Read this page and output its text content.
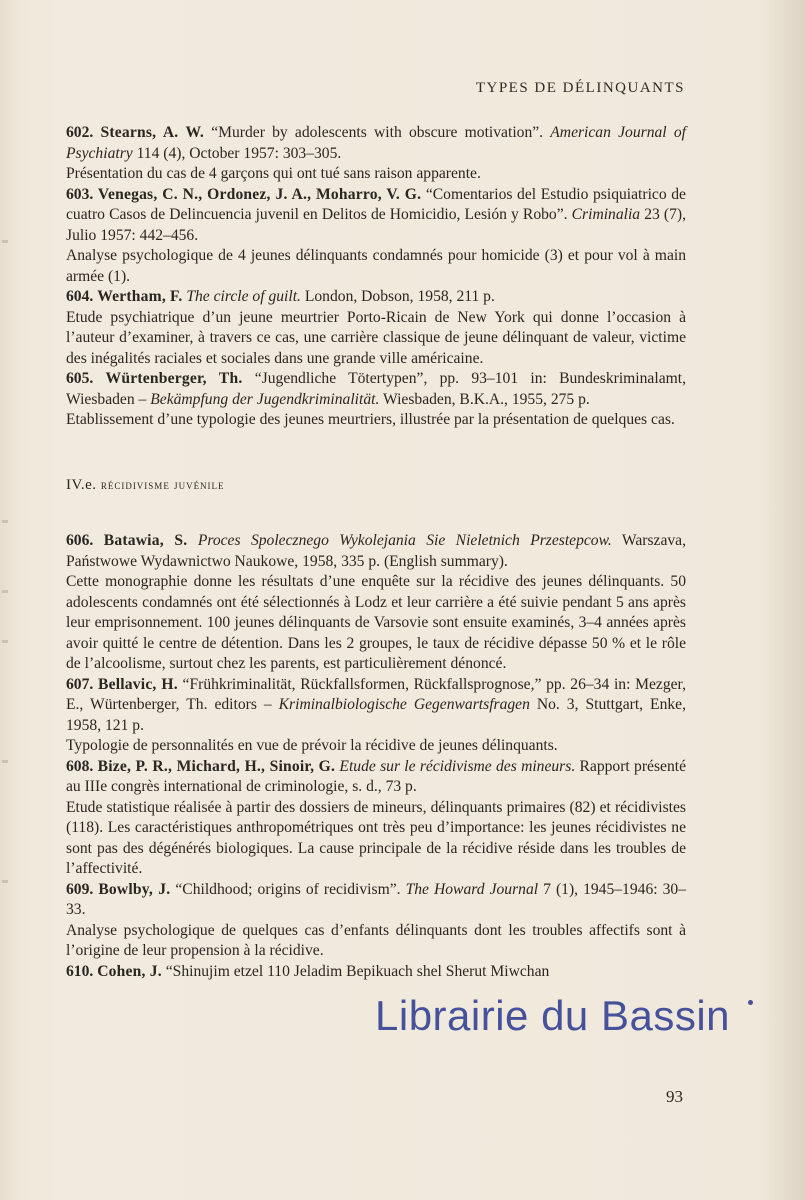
TYPES DE DÉLINQUANTS

602. Stearns, A. W. “Murder by adolescents with obscure motivation”. American Journal of Psychiatry 114 (4), October 1957: 303–305.

Présentation du cas de 4 garçons qui ont tué sans raison apparente.

603. Venegas, C. N., Ordonez, J. A., Moharro, V. G. “Comentarios del Estudio psiquiatrico de cuatro Casos de Delincuencia juvenil en Delitos de Homicidio, Lesión y Robo”. Criminalia 23 (7), Julio 1957: 442–456.

Analyse psychologique de 4 jeunes délinquants condamnés pour homicide (3) et pour vol à main armée (1).

604. Wertham, F. The circle of guilt. London, Dobson, 1958, 211 p.

Etude psychiatrique d’un jeune meurtrier Porto-Ricain de New York qui donne l’occasion à l’auteur d’examiner, à travers ce cas, une carrière classique de jeune délinquant de valeur, victime des inégalités raciales et sociales dans une grande ville américaine.

605. Würtenberger, Th. “Jugendliche Tötertypen”, pp. 93–101 in: Bundeskriminalamt, Wiesbaden – Bekämpfung der Jugendkriminalität. Wiesbaden, B.K.A., 1955, 275 p.

Etablissement d’une typologie des jeunes meurtriers, illustrée par la présentation de quelques cas.

IV.e. récidivisme juvénile

606. Batawia, S. Proces Spolecznego Wykolejania Sie Nieletnich Przestepcow. Warszava, Państwowe Wydawnictwo Naukowe, 1958, 335 p. (English summary).

Cette monographie donne les résultats d’une enquête sur la récidive des jeunes délinquants. 50 adolescents condamnés ont été sélectionnés à Lodz et leur carrière a été suivie pendant 5 ans après leur emprisonnement. 100 jeunes délinquants de Varsovie sont ensuite examinés, 3–4 années après avoir quitté le centre de détention. Dans les 2 groupes, le taux de récidive dépasse 50 % et le rôle de l’alcoolisme, surtout chez les parents, est particulièrement dénoncé.

607. Bellavic, H. “Frühkriminalität, Rückfallsformen, Rückfallsprognose,” pp. 26–34 in: Mezger, E., Würtenberger, Th. editors – Kriminalbiologische Gegenwartsfragen No. 3, Stuttgart, Enke, 1958, 121 p.

Typologie de personnalités en vue de prévoir la récidive de jeunes délinquants.

608. Bize, P. R., Michard, H., Sinoir, G. Etude sur le récidivisme des mineurs. Rapport présenté au IIIe congrès international de criminologie, s. d., 73 p.

Etude statistique réalisée à partir des dossiers de mineurs, délinquants primaires (82) et récidivistes (118). Les caractéristiques anthropométriques ont très peu d’importance: les jeunes récidivistes ne sont pas des dégénérés biologiques. La cause principale de la récidive réside dans les troubles de l’affectivité.

609. Bowlby, J. “Childhood; origins of recidivism”. The Howard Journal 7 (1), 1945–1946: 30–33.

Analyse psychologique de quelques cas d’enfants délinquants dont les troubles affectifs sont à l’origine de leur propension à la récidive.

610. Cohen, J. “Shinujim etzel 110 Jeladim Bepikuach shel Sherut Miwchan

93
Librairie du Bassin
